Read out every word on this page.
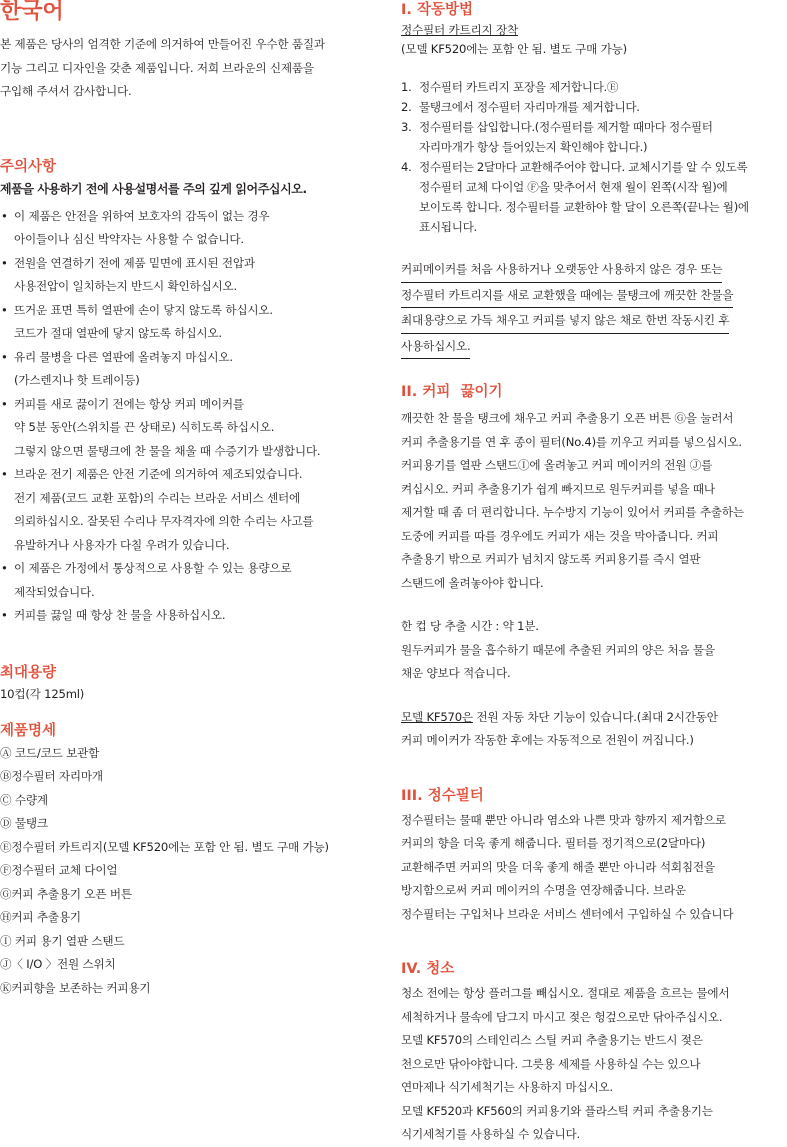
한국어

본 제품은 당사의 엄격한 기준에 의거하여 만들어진 우수한 품질과

기능 그리고 디자인을 갖춘 제품입니다. 저희 브라운의 신제품을

구입해 주셔서 감사합니다.

주의사항

제품을 사용하기 전에 사용설명서를 주의 깊게 읽어주십시오.

• 이 제품은 안전을 위하여 보호자의 감독이 없는 경우
아이들이나 심신 박약자는 사용할 수 없습니다.
• 전원을 연결하기 전에 제품 밑면에 표시된 전압과
사용전압이 일치하는지 반드시 확인하십시오.
• 뜨거운 표면 특히 열판에 손이 닿지 않도록 하십시오.
코드가 절대 열판에 닿지 않도록 하십시오.
• 유리 물병을 다른 열판에 올려놓지 마십시오.
(가스렌지나 핫 트레이등)
• 커피를 새로 끓이기 전에는 항상 커피 메이커를
약 5분 동안(스위치를 끈 상태로) 식히도록 하십시오.
그렇지 않으면 물탱크에 찬 물을 채울 때 수증기가 발생합니다.
• 브라운 전기 제품은 안전 기준에 의거하여 제조되었습니다.
전기 제품(코드 교환 포함)의 수리는 브라운 서비스 센터에
의뢰하십시오. 잘못된 수리나 무자격자에 의한 수리는 사고를
유발하거나 사용자가 다칠 우려가 있습니다.
• 이 제품은 가정에서 통상적으로 사용할 수 있는 용량으로
제작되었습니다.
• 커피를 끓일 때 항상 찬 물을 사용하십시오.
최대용량

10컵(각 125ml)

제품명세
Ⓐ 코드/코드 보관함
Ⓑ정수필터 자리마개
Ⓒ 수량계
Ⓓ 물탱크
Ⓔ정수필터 카트리지(모델 KF520에는 포함 안 됨. 별도 구매 가능)
Ⓕ정수필터 교체 다이얼
Ⓖ커피 추출용기 오픈 버튼
Ⓗ커피 추출용기
Ⓘ 커피 용기 열판 스탠드
Ⓙ〈 I/O 〉전원 스위치
Ⓚ커피향을 보존하는 커피용기
I. 작동방법

정수필터 카트리지 장착

(모델 KF520에는 포함 안 됨. 별도 구매 가능)

1. 정수필터 카트리지 포장을 제거합니다.Ⓔ
2. 물탱크에서 정수필터 자리마개를 제거합니다.
3. 정수필터를 삽입합니다.(정수필터를 제거할 때마다 정수필터
자리마개가 항상 들어있는지 확인해야 합니다.)
4. 정수필터는 2달마다 교환해주어야 합니다. 교체시기를 알 수 있도록
정수필터 교체 다이얼 Ⓕ을 맞추어서 현재 월이 왼쪽(시작 월)에
보이도록 합니다. 정수필터를 교환하야 할 달이 오른쪽(끝나는 월)에
표시됩니다.
커피메이커를 처음 사용하거나 오랫동안 사용하지 않은 경우 또는
정수필터 카트리지를 새로 교환했을 때에는 물탱크에 깨끗한 찬물을
최대용량으로 가득 채우고 커피를 넣지 않은 채로 한번 작동시킨 후
사용하십시오.
II. 커피  끓이기

깨끗한 찬 물을 탱크에 채우고 커피 추출용기 오픈 버튼 Ⓖ을 눌러서

커피 추출용기를 연 후 종이 필터(No.4)를 끼우고 커피를 넣으십시오.

커피용기를 열판 스탠드Ⓘ에 올려놓고 커피 메이커의 전원 Ⓙ를

켜십시오. 커피 추출용기가 쉽게 빠지므로 원두커피를 넣을 때나

제거할 때 좀 더 편리합니다. 누수방지 기능이 있어서 커피를 추출하는

도중에 커피를 따를 경우에도 커피가 새는 것을 막아줍니다. 커피

추출용기 밖으로 커피가 넘치지 않도록 커피용기를 즉시 열판

스탠드에 올려놓아야 합니다.

한 컵 당 추출 시간 : 약 1분.

원두커피가 물을 흡수하기 때문에 추출된 커피의 양은 처음 물을

채운 양보다 적습니다.

모델 KF570은 전원 자동 차단 기능이 있습니다.(최대 2시간동안

커피 메이커가 작동한 후에는 자동적으로 전원이 꺼집니다.)

III. 정수필터

정수필터는 물때 뿐만 아니라 염소와 나쁜 맛과 향까지 제거함으로

커피의 향을 더욱 좋게 해줍니다. 필터를 정기적으로(2달마다)

교환해주면 커피의 맛을 더욱 좋게 해줄 뿐만 아니라 석회침전을

방지함으로써 커피 메이커의 수명을 연장해줍니다. 브라운

정수필터는 구입처나 브라운 서비스 센터에서 구입하실 수 있습니다

IV. 청소

청소 전에는 항상 플러그를 빼십시오. 절대로 제품을 흐르는 물에서

세척하거나 물속에 담그지 마시고 젖은 헝겊으로만 닦아주십시오.

모델 KF570의 스테인리스 스틸 커피 추출용기는 반드시 젖은

천으로만 닦아야합니다. 그릇용 세제를 사용하실 수는 있으나

연마제나 식기세척기는 사용하지 마십시오.

모델 KF520과 KF560의 커피용기와 플라스틱 커피 추출용기는

식기세척기를 사용하실 수 있습니다.
